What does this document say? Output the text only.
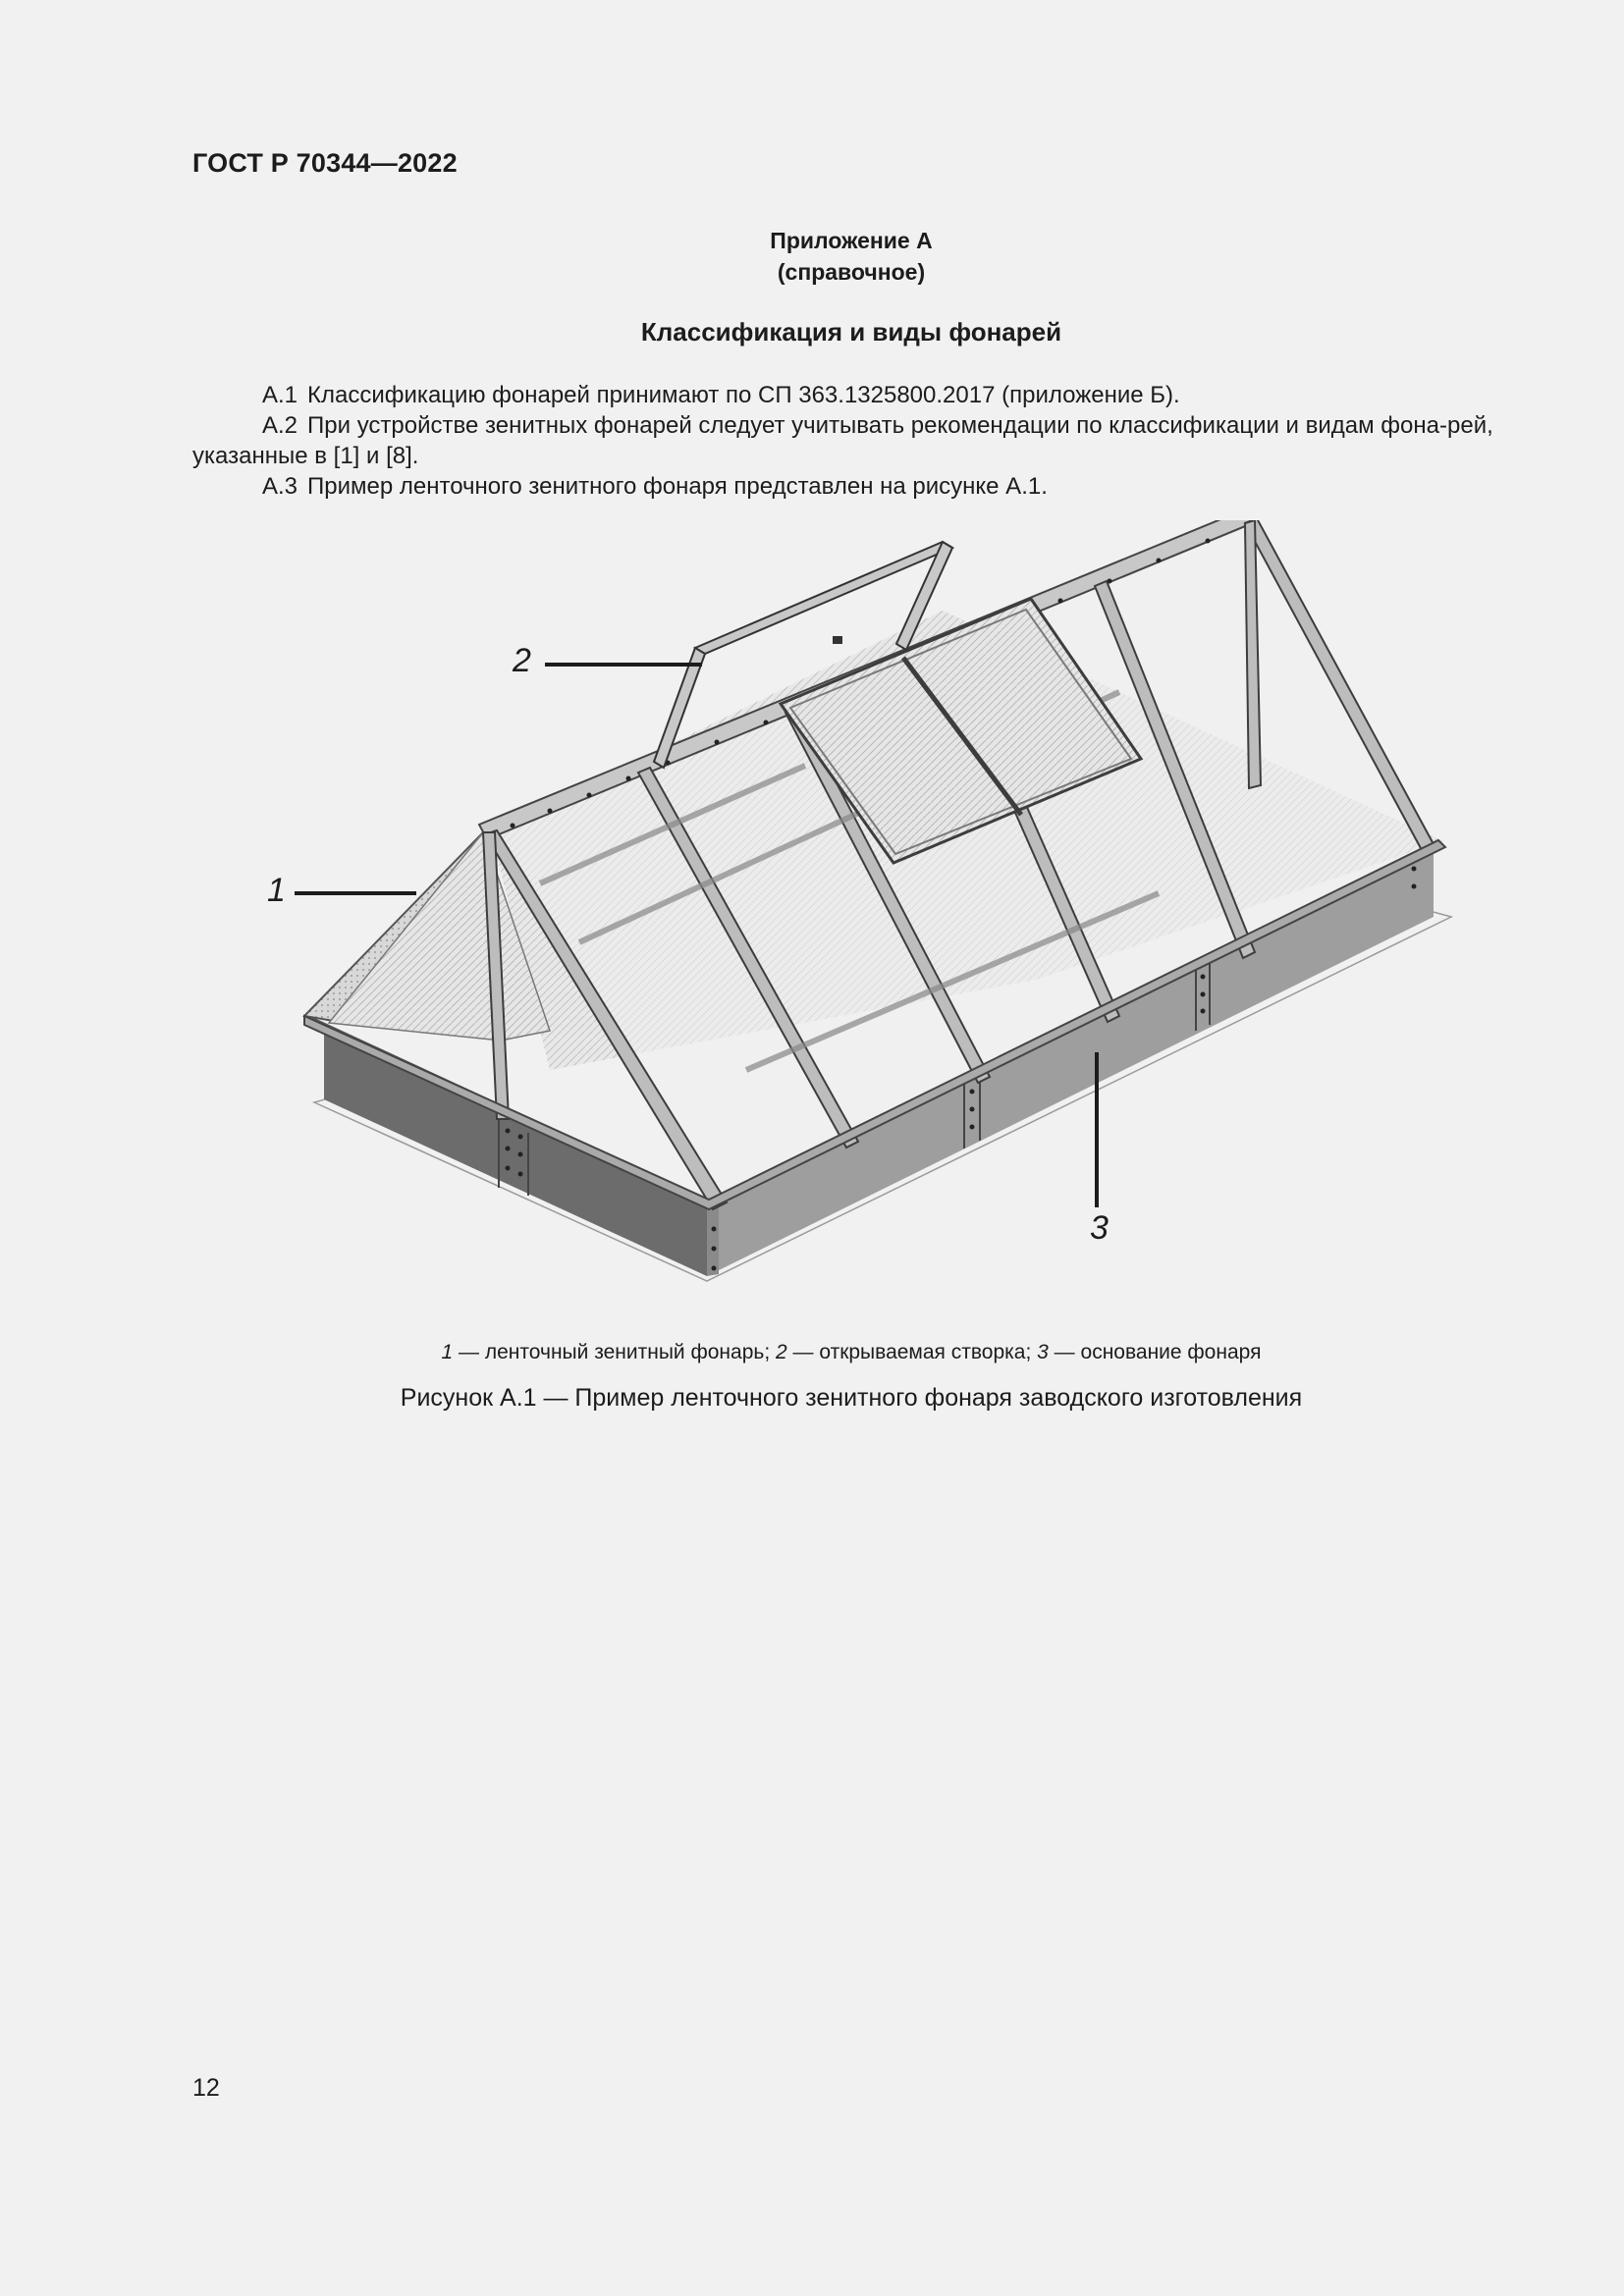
ГОСТ Р 70344—2022
Приложение А
(справочное)
Классификация и виды фонарей
А.1 Классификацию фонарей принимают по СП 363.1325800.2017 (приложение Б).
А.2 При устройстве зенитных фонарей следует учитывать рекомендации по классификации и видам фона-рей, указанные в [1] и [8].
А.3 Пример ленточного зенитного фонаря представлен на рисунке А.1.
1
2
3
1 — ленточный зенитный фонарь; 2 — открываемая створка; 3 — основание фонаря
Рисунок А.1 — Пример ленточного зенитного фонаря заводского изготовления
12
